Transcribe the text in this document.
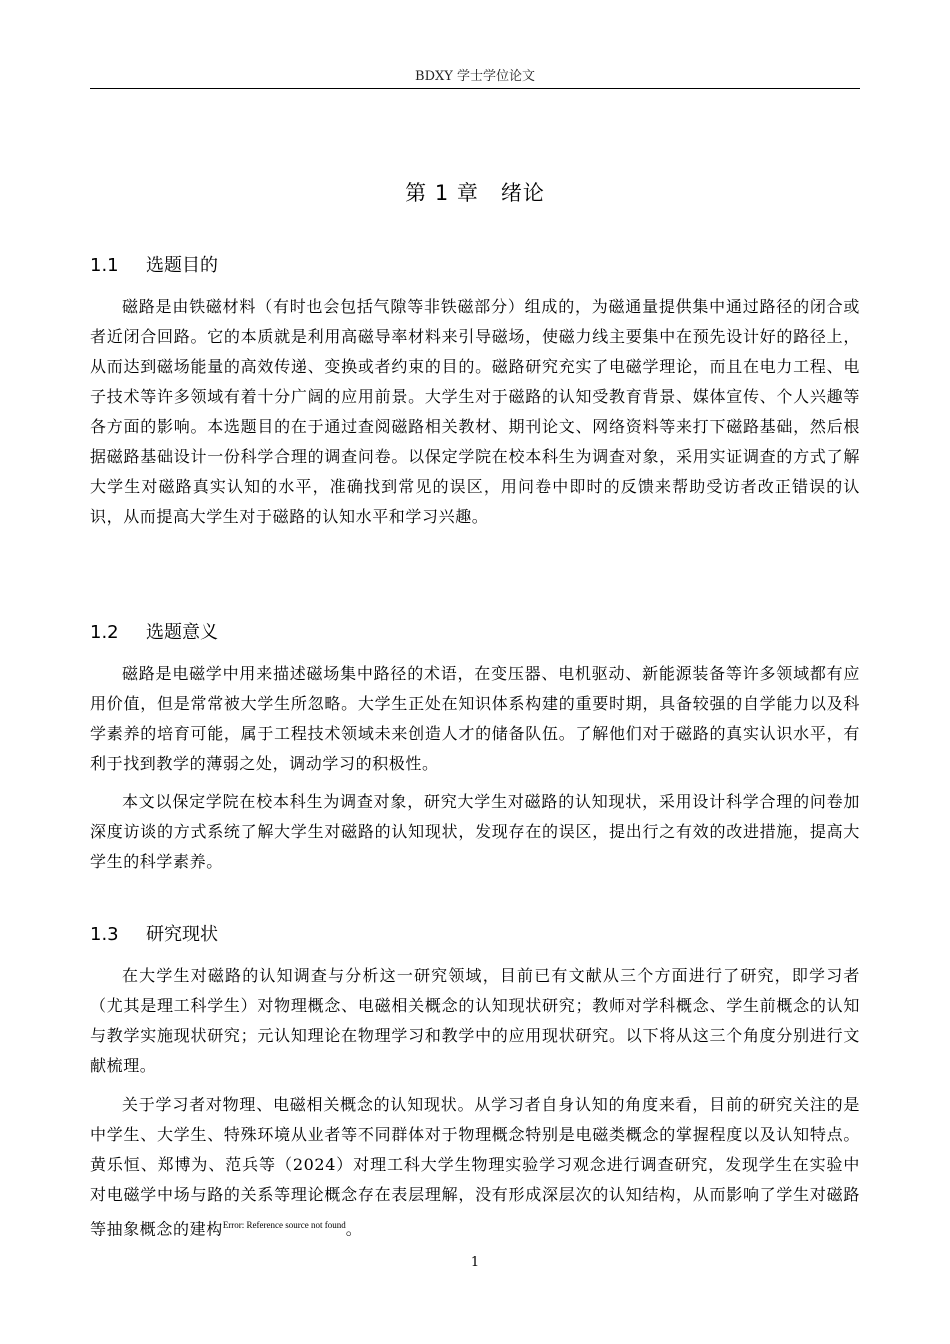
BDXY 学士学位论文
第 1 章　绪论
1.1 选题目的

磁路是由铁磁材料（有时也会包括气隙等非铁磁部分）组成的，为磁通量提供集中通过路径的闭合或者近闭合回路。它的本质就是利用高磁导率材料来引导磁场，使磁力线主要集中在预先设计好的路径上，从而达到磁场能量的高效传递、变换或者约束的目的。磁路研究充实了电磁学理论，而且在电力工程、电子技术等许多领域有着十分广阔的应用前景。大学生对于磁路的认知受教育背景、媒体宣传、个人兴趣等各方面的影响。本选题目的在于通过查阅磁路相关教材、期刊论文、网络资料等来打下磁路基础，然后根据磁路基础设计一份科学合理的调查问卷。以保定学院在校本科生为调查对象，采用实证调查的方式了解大学生对磁路真实认知的水平，准确找到常见的误区，用问卷中即时的反馈来帮助受访者改正错误的认识，从而提高大学生对于磁路的认知水平和学习兴趣。

1.2 选题意义

磁路是电磁学中用来描述磁场集中路径的术语，在变压器、电机驱动、新能源装备等许多领域都有应用价值，但是常常被大学生所忽略。大学生正处在知识体系构建的重要时期，具备较强的自学能力以及科学素养的培育可能，属于工程技术领域未来创造人才的储备队伍。了解他们对于磁路的真实认识水平，有利于找到教学的薄弱之处，调动学习的积极性。

本文以保定学院在校本科生为调查对象，研究大学生对磁路的认知现状，采用设计科学合理的问卷加深度访谈的方式系统了解大学生对磁路的认知现状，发现存在的误区，提出行之有效的改进措施，提高大学生的科学素养。

1.3 研究现状

在大学生对磁路的认知调查与分析这一研究领域，目前已有文献从三个方面进行了研究，即学习者（尤其是理工科学生）对物理概念、电磁相关概念的认知现状研究；教师对学科概念、学生前概念的认知与教学实施现状研究；元认知理论在物理学习和教学中的应用现状研究。以下将从这三个角度分别进行文献梳理。

关于学习者对物理、电磁相关概念的认知现状。从学习者自身认知的角度来看，目前的研究关注的是中学生、大学生、特殊环境从业者等不同群体对于物理概念特别是电磁类概念的掌握程度以及认知特点。黄乐恒、郑博为、范兵等（2024）对理工科大学生物理实验学习观念进行调查研究，发现学生在实验中对电磁学中场与路的关系等理论概念存在表层理解，没有形成深层次的认知结构，从而影响了学生对磁路等抽象概念的建构$^{Error: Reference source not found}$。

1
